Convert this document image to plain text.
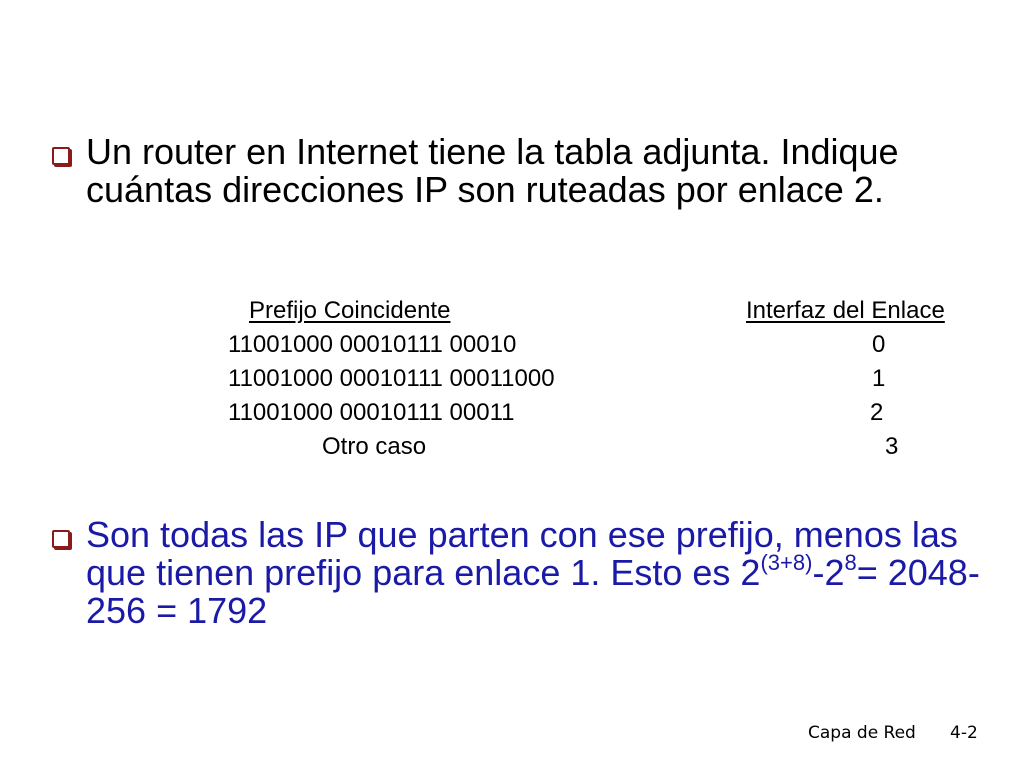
Un router en Internet tiene la tabla adjunta. Indique cuántas direcciones IP son ruteadas por enlace 2.
Prefijo Coincidente	Interfaz del Enlace
11001000 00010111 00010	0
11001000 00010111 00011000	1
11001000 00010111 00011	2
Otro caso	3
Son todas las IP que parten con ese prefijo, menos las que tienen prefijo para enlace 1. Esto es $2^{(3+8)}-2^8= 2048-256 = 1792$
Capa de Red 4-2
